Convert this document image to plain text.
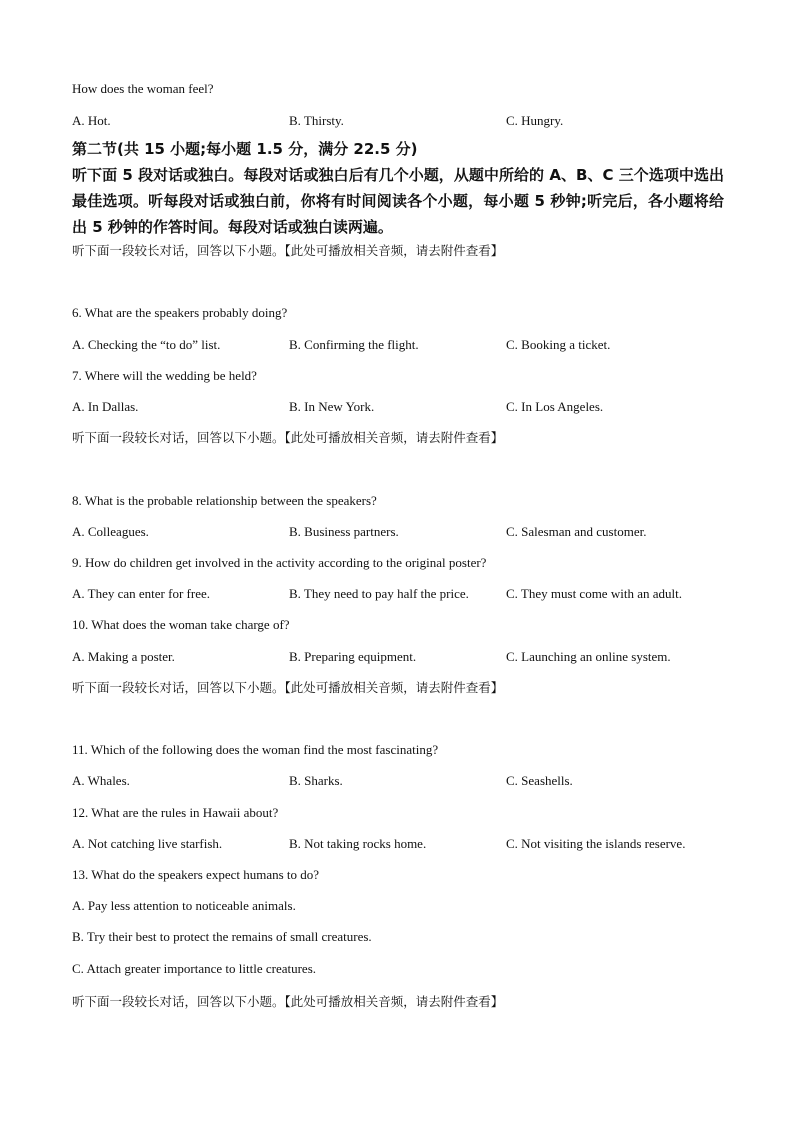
How does the woman feel?
A. Hot.	B. Thirsty.	C. Hungry.
第二节(共 15 小题;每小题 1.5 分，满分 22.5 分)
听下面 5 段对话或独白。每段对话或独白后有几个小题，从题中所给的 A、B、C 三个选项中选出最佳选项。听每段对话或独白前，你将有时间阅读各个小题，每小题 5 秒钟;听完后，各小题将给出 5 秒钟的作答时间。每段对话或独白读两遍。
听下面一段较长对话，回答以下小题。【此处可播放相关音频，请去附件查看】
6. What are the speakers probably doing?
A. Checking the “to do” list.	B. Confirming the flight.	C. Booking a ticket.
7. Where will the wedding be held?
A. In Dallas.	B. In New York.	C. In Los Angeles.
听下面一段较长对话，回答以下小题。【此处可播放相关音频，请去附件查看】
8. What is the probable relationship between the speakers?
A. Colleagues.	B. Business partners.	C. Salesman and customer.
9. How do children get involved in the activity according to the original poster?
A. They can enter for free.	B. They need to pay half the price.	C. They must come with an adult.
10. What does the woman take charge of?
A. Making a poster.	B. Preparing equipment.	C. Launching an online system.
听下面一段较长对话，回答以下小题。【此处可播放相关音频，请去附件查看】
11. Which of the following does the woman find the most fascinating?
A. Whales.	B. Sharks.	C. Seashells.
12. What are the rules in Hawaii about?
A. Not catching live starfish.	B. Not taking rocks home.	C. Not visiting the islands reserve.
13. What do the speakers expect humans to do?
A. Pay less attention to noticeable animals.
B. Try their best to protect the remains of small creatures.
C. Attach greater importance to little creatures.
听下面一段较长对话，回答以下小题。【此处可播放相关音频，请去附件查看】
